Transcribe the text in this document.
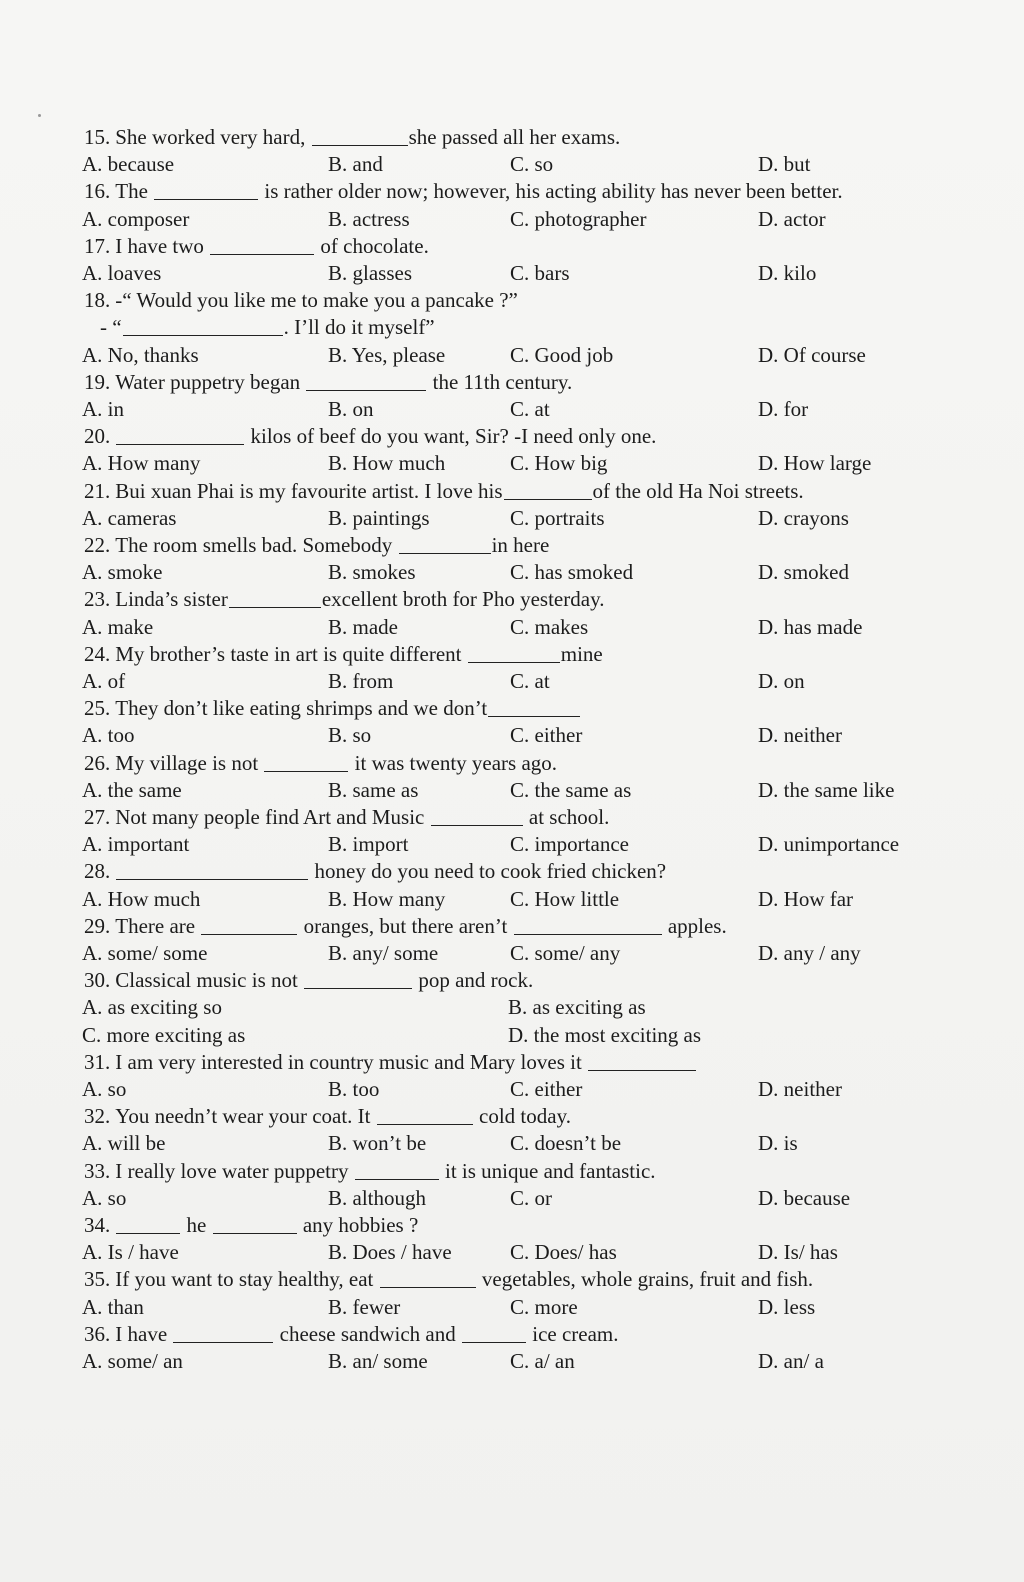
15. She worked very hard,	she passed all her exams.
A. because	B. and	C. so	D. but
16. The	is rather older now; however, his acting ability has never been better.
A. composer	B. actress	C. photographer	D. actor
17. I have two	of chocolate.
A. loaves	B. glasses	C. bars	D. kilo
18. -“ Would you like me to make you a pancake ?”
- “	. I’ll do it myself”
A. No, thanks	B. Yes, please	C. Good job	D. Of course
19. Water puppetry began	the 11th century.
A. in	B. on	C. at	D. for
20.	kilos of beef do you want, Sir? -I need only one.
A. How many	B. How much	C. How big	D. How large
21. Bui xuan Phai is my favourite artist. I love his	of the old Ha Noi streets.
A. cameras	B. paintings	C. portraits	D. crayons
22. The room smells bad. Somebody	in here
A. smoke	B. smokes	C. has smoked	D. smoked
23. Linda’s sister	excellent broth for Pho yesterday.
A. make	B. made	C. makes	D. has made
24. My brother’s taste in art is quite different	mine
A. of	B. from	C. at	D. on
25. They don’t like eating shrimps and we don’t
A. too	B. so	C. either	D. neither
26. My village is not	it was twenty years ago.
A. the same	B. same as	C. the same as	D. the same like
27. Not many people find Art and Music	at school.
A. important	B. import	C. importance	D. unimportance
28.	honey do you need to cook fried chicken?
A. How much	B. How many	C. How little	D. How far
29. There are	oranges, but there aren’t	apples.
A. some/ some	B. any/ some	C. some/ any	D. any / any
30. Classical music is not	pop and rock.
A. as exciting so	B. as exciting as
C. more exciting as	D. the most exciting as
31. I am very interested in country music and Mary loves it
A. so	B. too	C. either	D. neither
32. You needn’t wear your coat. It	cold today.
A. will be	B. won’t be	C. doesn’t be	D. is
33. I really love water puppetry	it is unique and fantastic.
A. so	B. although	C. or	D. because
34.	he	any hobbies ?
A. Is / have	B. Does / have	C. Does/ has	D. Is/ has
35. If you want to stay healthy, eat	vegetables, whole grains, fruit and fish.
A. than	B. fewer	C. more	D. less
36. I have	cheese sandwich and	ice cream.
A. some/ an	B. an/ some	C. a/ an	D. an/ a
